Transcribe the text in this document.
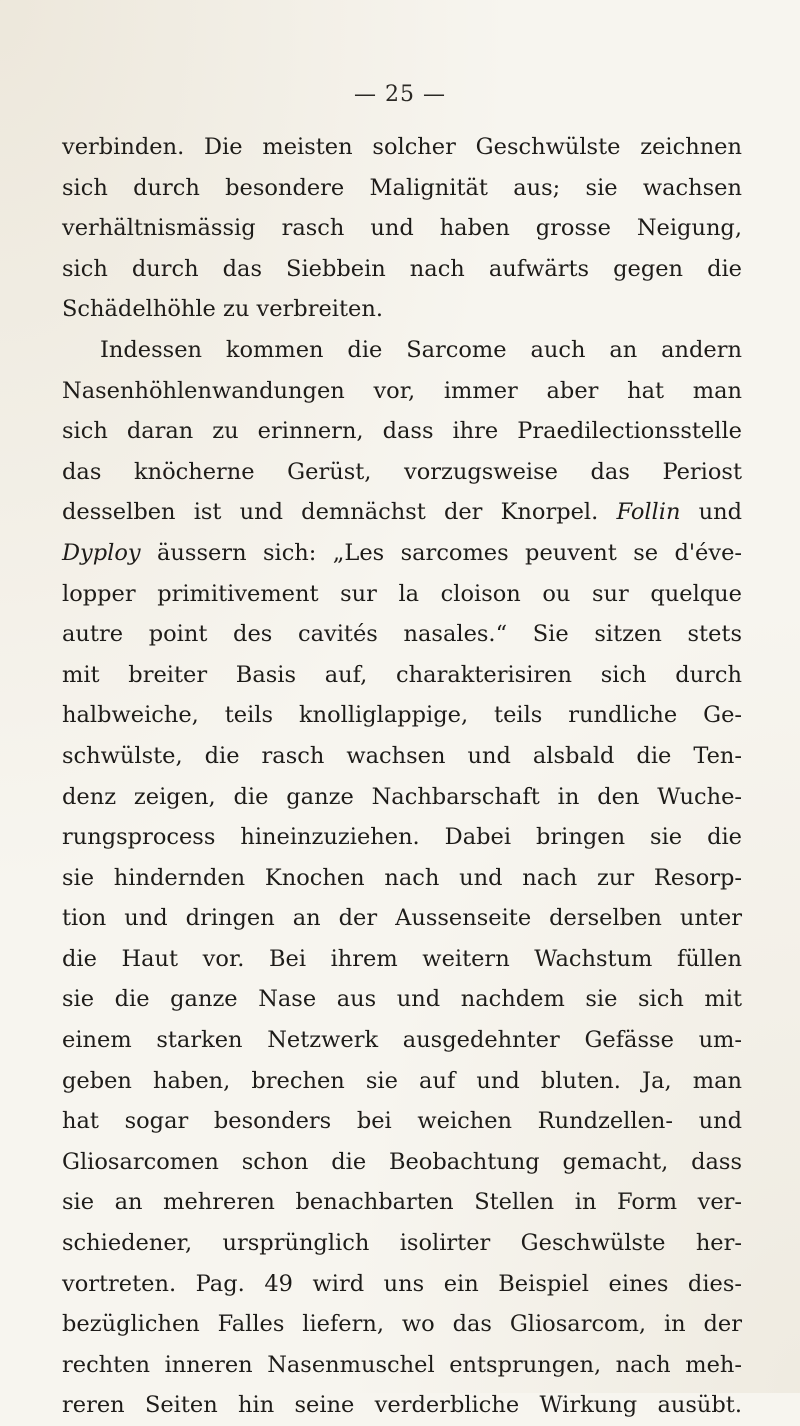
— 25 —
verbinden. Die meisten solcher Geschwülste zeichnen
sich durch besondere Malignität aus; sie wachsen
verhältnismässig rasch und haben grosse Neigung,
sich durch das Siebbein nach aufwärts gegen die
Schädelhöhle zu verbreiten.
Indessen kommen die Sarcome auch an andern
Nasenhöhlenwandungen vor, immer aber hat man
sich daran zu erinnern, dass ihre Praedilectionsstelle
das knöcherne Gerüst, vorzugsweise das Periost
desselben ist und demnächst der Knorpel. Follin und
Dyploy äussern sich: „Les sarcomes peuvent se d'éve-
lopper primitivement sur la cloison ou sur quelque
autre point des cavités nasales.“ Sie sitzen stets
mit breiter Basis auf, charakterisiren sich durch
halbweiche, teils knolliglappige, teils rundliche Ge-
schwülste, die rasch wachsen und alsbald die Ten-
denz zeigen, die ganze Nachbarschaft in den Wuche-
rungsprocess hineinzuziehen. Dabei bringen sie die
sie hindernden Knochen nach und nach zur Resorp-
tion und dringen an der Aussenseite derselben unter
die Haut vor. Bei ihrem weitern Wachstum füllen
sie die ganze Nase aus und nachdem sie sich mit
einem starken Netzwerk ausgedehnter Gefässe um-
geben haben, brechen sie auf und bluten. Ja, man
hat sogar besonders bei weichen Rundzellen- und
Gliosarcomen schon die Beobachtung gemacht, dass
sie an mehreren benachbarten Stellen in Form ver-
schiedener, ursprünglich isolirter Geschwülste her-
vortreten. Pag. 49 wird uns ein Beispiel eines dies-
bezüglichen Falles liefern, wo das Gliosarcom, in der
rechten inneren Nasenmuschel entsprungen, nach meh-
reren Seiten hin seine verderbliche Wirkung ausübt.
